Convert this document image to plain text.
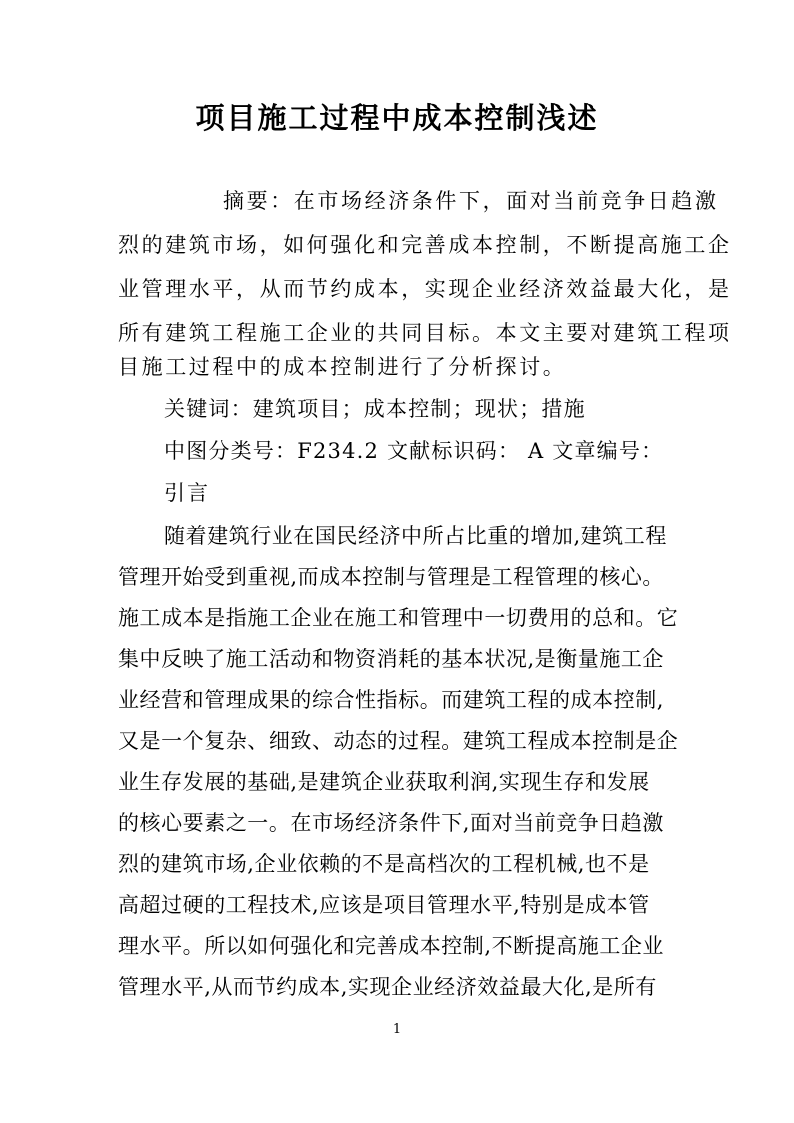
项目施工过程中成本控制浅述

摘要：在市场经济条件下，面对当前竞争日趋激

烈的建筑市场，如何强化和完善成本控制，不断提高施工企

业管理水平，从而节约成本，实现企业经济效益最大化，是

所有建筑工程施工企业的共同目标。本文主要对建筑工程项

目施工过程中的成本控制进行了分析探讨。

关键词：建筑项目；成本控制；现状；措施

中图分类号：F234.2 文献标识码： A 文章编号：

引言

随着建筑行业在国民经济中所占比重的增加,建筑工程

管理开始受到重视,而成本控制与管理是工程管理的核心。

施工成本是指施工企业在施工和管理中一切费用的总和。它

集中反映了施工活动和物资消耗的基本状况,是衡量施工企

业经营和管理成果的综合性指标。而建筑工程的成本控制,

又是一个复杂、细致、动态的过程。建筑工程成本控制是企

业生存发展的基础,是建筑企业获取利润,实现生存和发展

的核心要素之一。在市场经济条件下,面对当前竞争日趋激

烈的建筑市场,企业依赖的不是高档次的工程机械,也不是

高超过硬的工程技术,应该是项目管理水平,特别是成本管

理水平。所以如何强化和完善成本控制,不断提高施工企业

管理水平,从而节约成本,实现企业经济效益最大化,是所有

1
